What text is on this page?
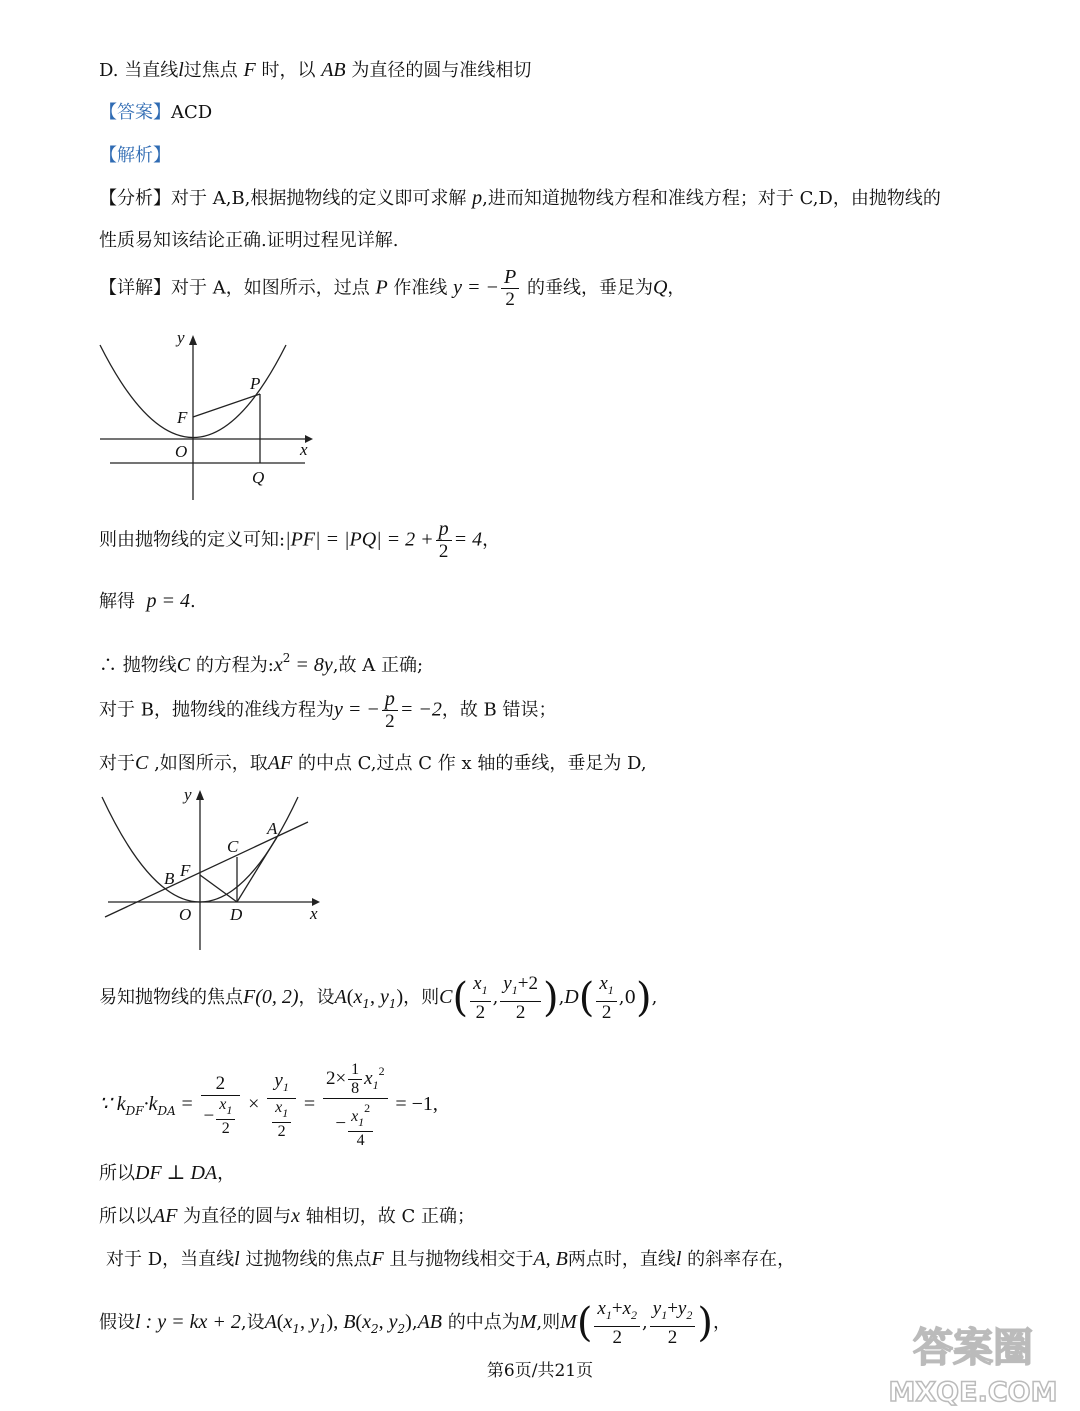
D. 当直线l过焦点 F 时，以 AB 为直径的圆与准线相切
【答案】ACD
【解析】
【分析】对于 A,B,根据抛物线的定义即可求解 p,进而知道抛物线方程和准线方程；对于 C,D，由抛物线的
性质易知该结论正确.证明过程见详解.
【详解】对于 A，如图所示，过点 P 作准线 y = − $\frac{P}{2}$ 的垂线，垂足为Q，
y
x
O
F
P
Q
则由抛物线的定义可知:|PF| = $|PQ| = 2 + \frac{p}{2} = 4$，
解得 p = 4.
∴ 抛物线C 的方程为$:x^2 = 8y$,故 A 正确;
对于 B，抛物线的准线方程为y = − $\frac{p}{2} = -2$，故 B 错误；
对于C ,如图所示，取AF 的中点 C,过点 C 作 x 轴的垂线，垂足为 D,
y
x
O
F
B
C
A
D
易知抛物线的焦点F(0, 2)，设$A(x_1$, $y_1$)，则$C( \frac{x_1}{2}$ , $\frac{y_1+2}{2} ),D( \frac{x_1}{2} ,0)$,
∵ $k_{DF}\cdot k_{DA} = \frac{2}{- \frac{x_1}{2}} \times \frac{y_1}{\frac{x_1}{2}} = \frac{2\times \frac{1}{8} x_1^2}{- \frac{x_1^2}{4}} = -1$,
所以DF ⊥ DA，
所以以AF 为直径的圆与x 轴相切，故 C 正确；
对于 D，当直线l 过抛物线的焦点F 且与抛物线相交于A, B两点时，直线l 的斜率存在，
假设l : y = kx + 2,设$A(x_1$, $y_1$), $B(x_2$, $y_2),AB$ 的中点为M,则$M( \frac{x_1+x_2}{2}$ , $\frac{y_1+y_2}{2}$ )，
第6页/共21页	答案圈
MXQE.COM
